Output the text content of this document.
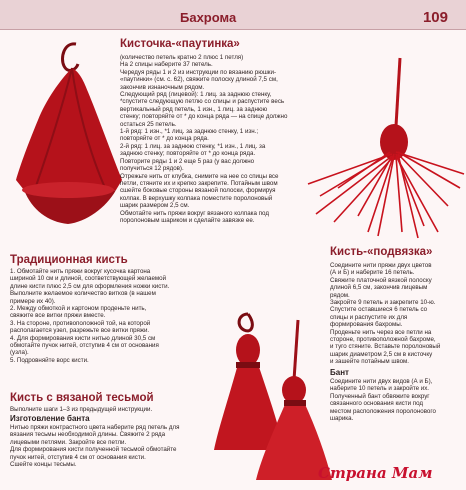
Бахрома	109
Кисточка-«паутинка»
(количество петель кратно 2 плюс 1 петля)
На 2 спицы наберите 37 петель.
Чередуя ряды 1 и 2 из инструкции по вязанию рюшки-
«паутинки» (см. с. 62), свяжите полоску длиной 7,5 см,
закончив изнаночным рядом.
Следующий ряд (лицевой): 1 лиц. за заднюю стенку,
*спустите следующую петлю со спицы и распустите весь
вертикальный ряд петель, 1 изн., 1 лиц. за заднюю
стенку; повторяйте от * до конца ряда — на спице должно
остаться 25 петель.
1-й ряд: 1 изн., *1 лиц. за заднюю стенку, 1 изн.;
повторяйте от * до конца ряда.
2-й ряд: 1 лиц. за заднюю стенку, *1 изн., 1 лиц. за
заднюю стенку; повторяйте от * до конца ряда.
Повторите ряды 1 и 2 еще 5 раз (у вас должно
получиться 12 рядов).
Отрежьте нить от клубка, снимите на нее со спицы все
петли, стяните их и крепко закрепите. Потайным швом
сшейте боковые стороны вязаной полоски, формируя
колпак. В верхушку колпака поместите поролоновый
шарик размером 2,5 см.
Обмотайте нить пряжи вокруг вязаного колпака под
поролоновым шариком и сделайте завязке ее.
Традиционная кисть
1. Обмотайте нить пряжи вокруг кусочка картона
шириной 10 см и длиной, соответствующей желаемой
длине кисти плюс 2,5 см для оформления ножки кисти.
Выполните желаемое количество витков (в нашем
примере их 40).
2. Между обмоткой и картоном проденьте нить,
свяжите все витки пряжи вместе.
3. На стороне, противоположной той, на которой
располагается узел, разрежьте все витки пряжи.
4. Для формирования кисти нитью длиной 30,5 см
обмотайте пучок нитей, отступив 4 см от основания
(узла).
5. Подровняйте ворс кисти.
Кисть с вязаной тесьмой
Выполните шаги 1–3 из предыдущей инструкции.
Изготовление банта
Нитью пряжи контрастного цвета наберите ряд петель для
вязания тесьмы необходимой длины. Свяжите 2 ряда
лицевыми петлями. Закройте все петли.
Для формирования кисти полученной тесьмой обмотайте
пучок нитей, отступив 4 см от основания кисти.
Сшейте концы тесьмы.
Кисть-«подвязка»
Соедините нити пряжи двух цветов
(А и Б) и наберите 16 петель.
Свяжите платочной вязкой полоску
длиной 6,5 см, закончив лицевым
рядом.
Закройте 9 петель и закрепите 10-ю.
Спустите оставшиеся 6 петель со
спицы и распустите их для
формирования бахромы.
Проденьте нить через все петли на
стороне, противоположной бахроме,
и туго стяните. Вставьте поролоновый
шарик диаметром 2,5 см в кисточку
и зашейте потайным швом.
Бант
Соедините нити двух видов (А и Б),
наберите 10 петель и закройте их.
Полученный бант обвяжите вокруг
связанного основания кисти под
местом расположения поролонового
шарика.
Страна Мам
